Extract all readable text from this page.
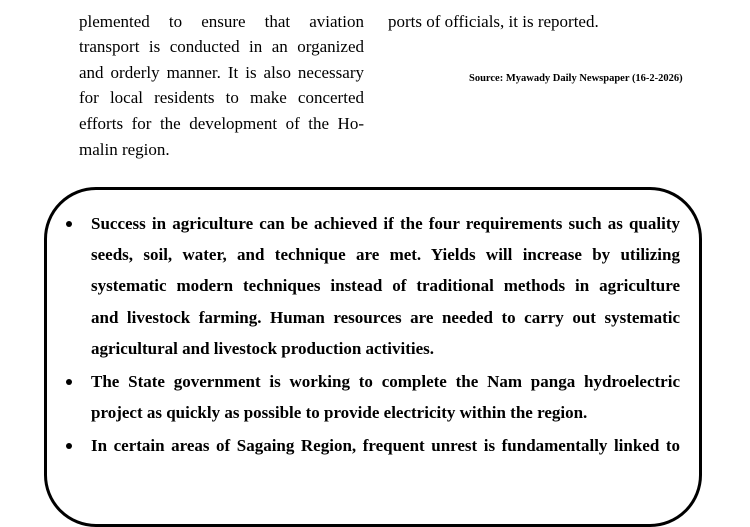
plemented to ensure that aviation
transport is conducted in an organized
and orderly manner. It is also necessary
for local residents to make concerted
efforts for the development of the Ho-
malin region.
ports of officials, it is reported.
Source: Myawady Daily Newspaper (16-2-2026)
Success in agriculture can be achieved if the four requirements such as quality
seeds, soil, water, and technique are met. Yields will increase by utilizing
systematic modern techniques instead of traditional methods in agriculture
and livestock farming. Human resources are needed to carry out systematic
agricultural and livestock production activities.
The State government is working to complete the Nam panga hydroelectric
project as quickly as possible to provide electricity within the region.
In certain areas of Sagaing Region, frequent unrest is fundamentally linked to
